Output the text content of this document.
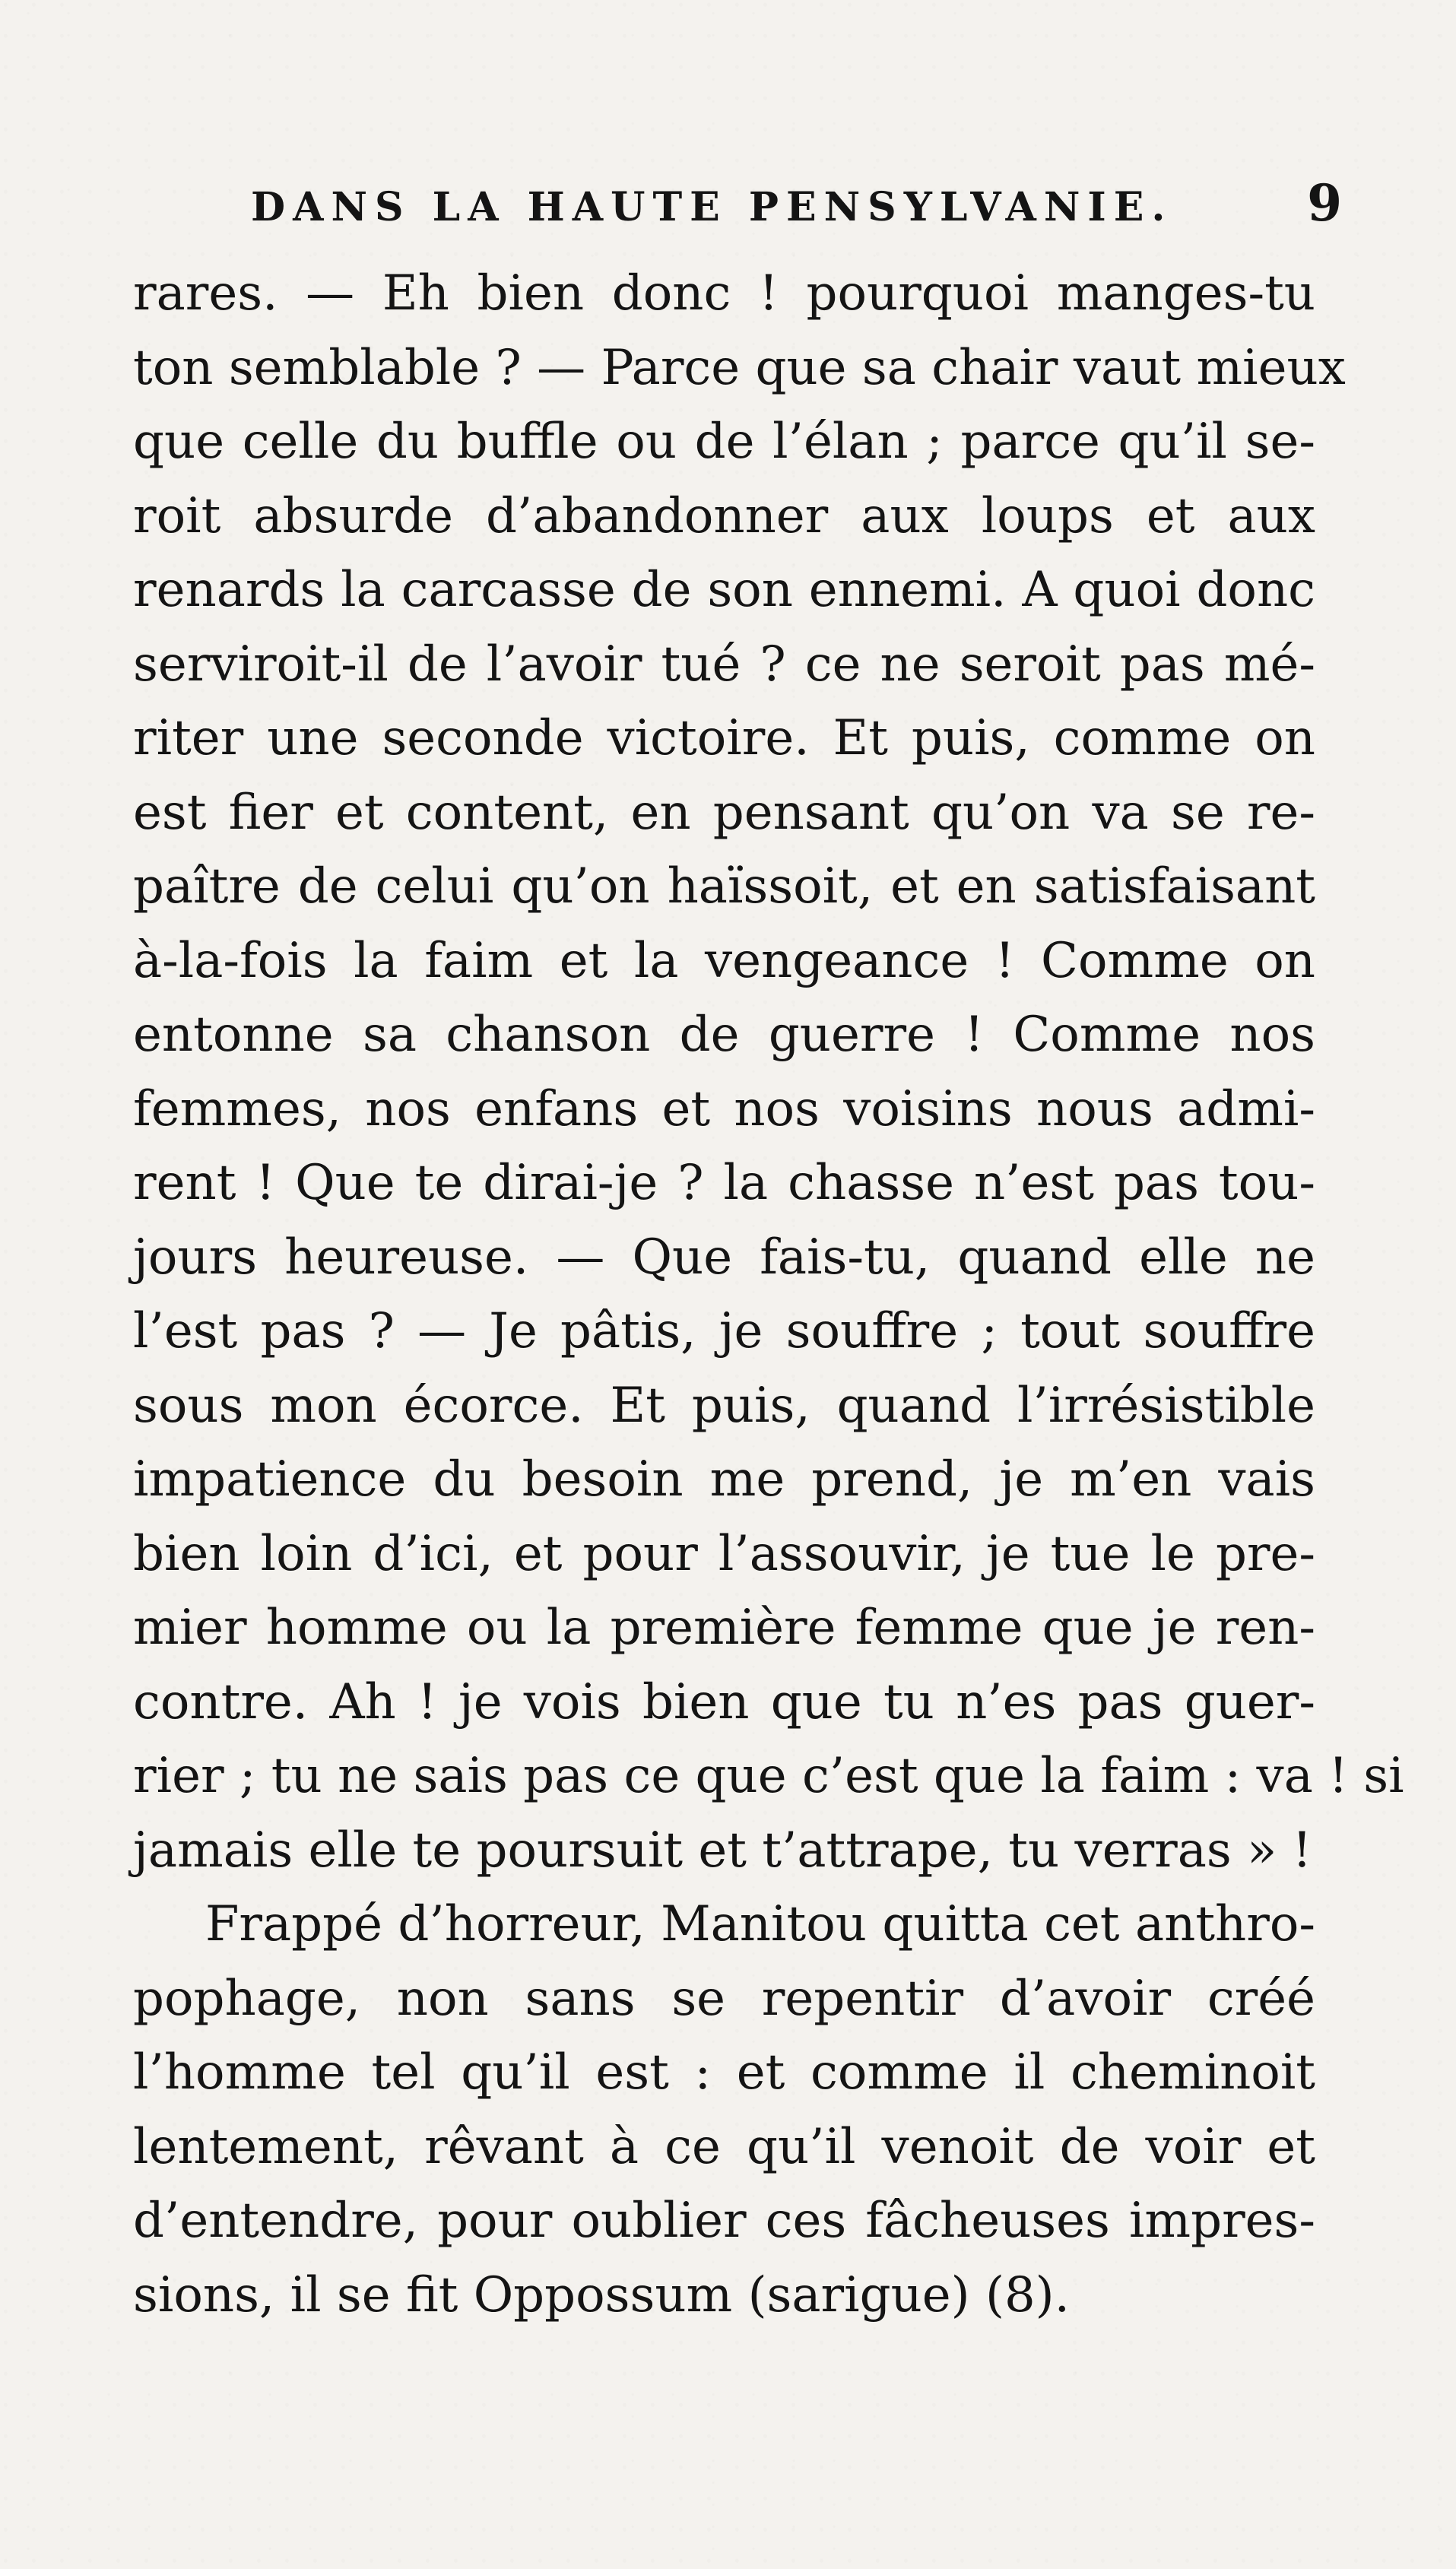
DANS LA HAUTE PENSYLVANIE.	9
rares. — Eh bien donc ! pourquoi manges-tu
ton semblable ? — Parce que sa chair vaut mieux
que celle du buffle ou de l’élan ; parce qu’il se-
roit absurde d’abandonner aux loups et aux
renards la carcasse de son ennemi. A quoi donc
serviroit-il de l’avoir tué ? ce ne seroit pas mé-
riter une seconde victoire. Et puis, comme on
est fier et content, en pensant qu’on va se re-
paître de celui qu’on haïssoit, et en satisfaisant
à-la-fois la faim et la vengeance ! Comme on
entonne sa chanson de guerre ! Comme nos
femmes, nos enfans et nos voisins nous admi-
rent ! Que te dirai-je ? la chasse n’est pas tou-
jours heureuse. — Que fais-tu, quand elle ne
l’est pas ? — Je pâtis, je souffre ; tout souffre
sous mon écorce. Et puis, quand l’irrésistible
impatience du besoin me prend, je m’en vais
bien loin d’ici, et pour l’assouvir, je tue le pre-
mier homme ou la première femme que je ren-
contre. Ah ! je vois bien que tu n’es pas guer-
rier ; tu ne sais pas ce que c’est que la faim : va ! si
jamais elle te poursuit et t’attrape, tu verras » !
Frappé d’horreur, Manitou quitta cet anthro-
pophage, non sans se repentir d’avoir créé
l’homme tel qu’il est : et comme il cheminoit
lentement, rêvant à ce qu’il venoit de voir et
d’entendre, pour oublier ces fâcheuses impres-
sions, il se fit Oppossum (sarigue) (8).
